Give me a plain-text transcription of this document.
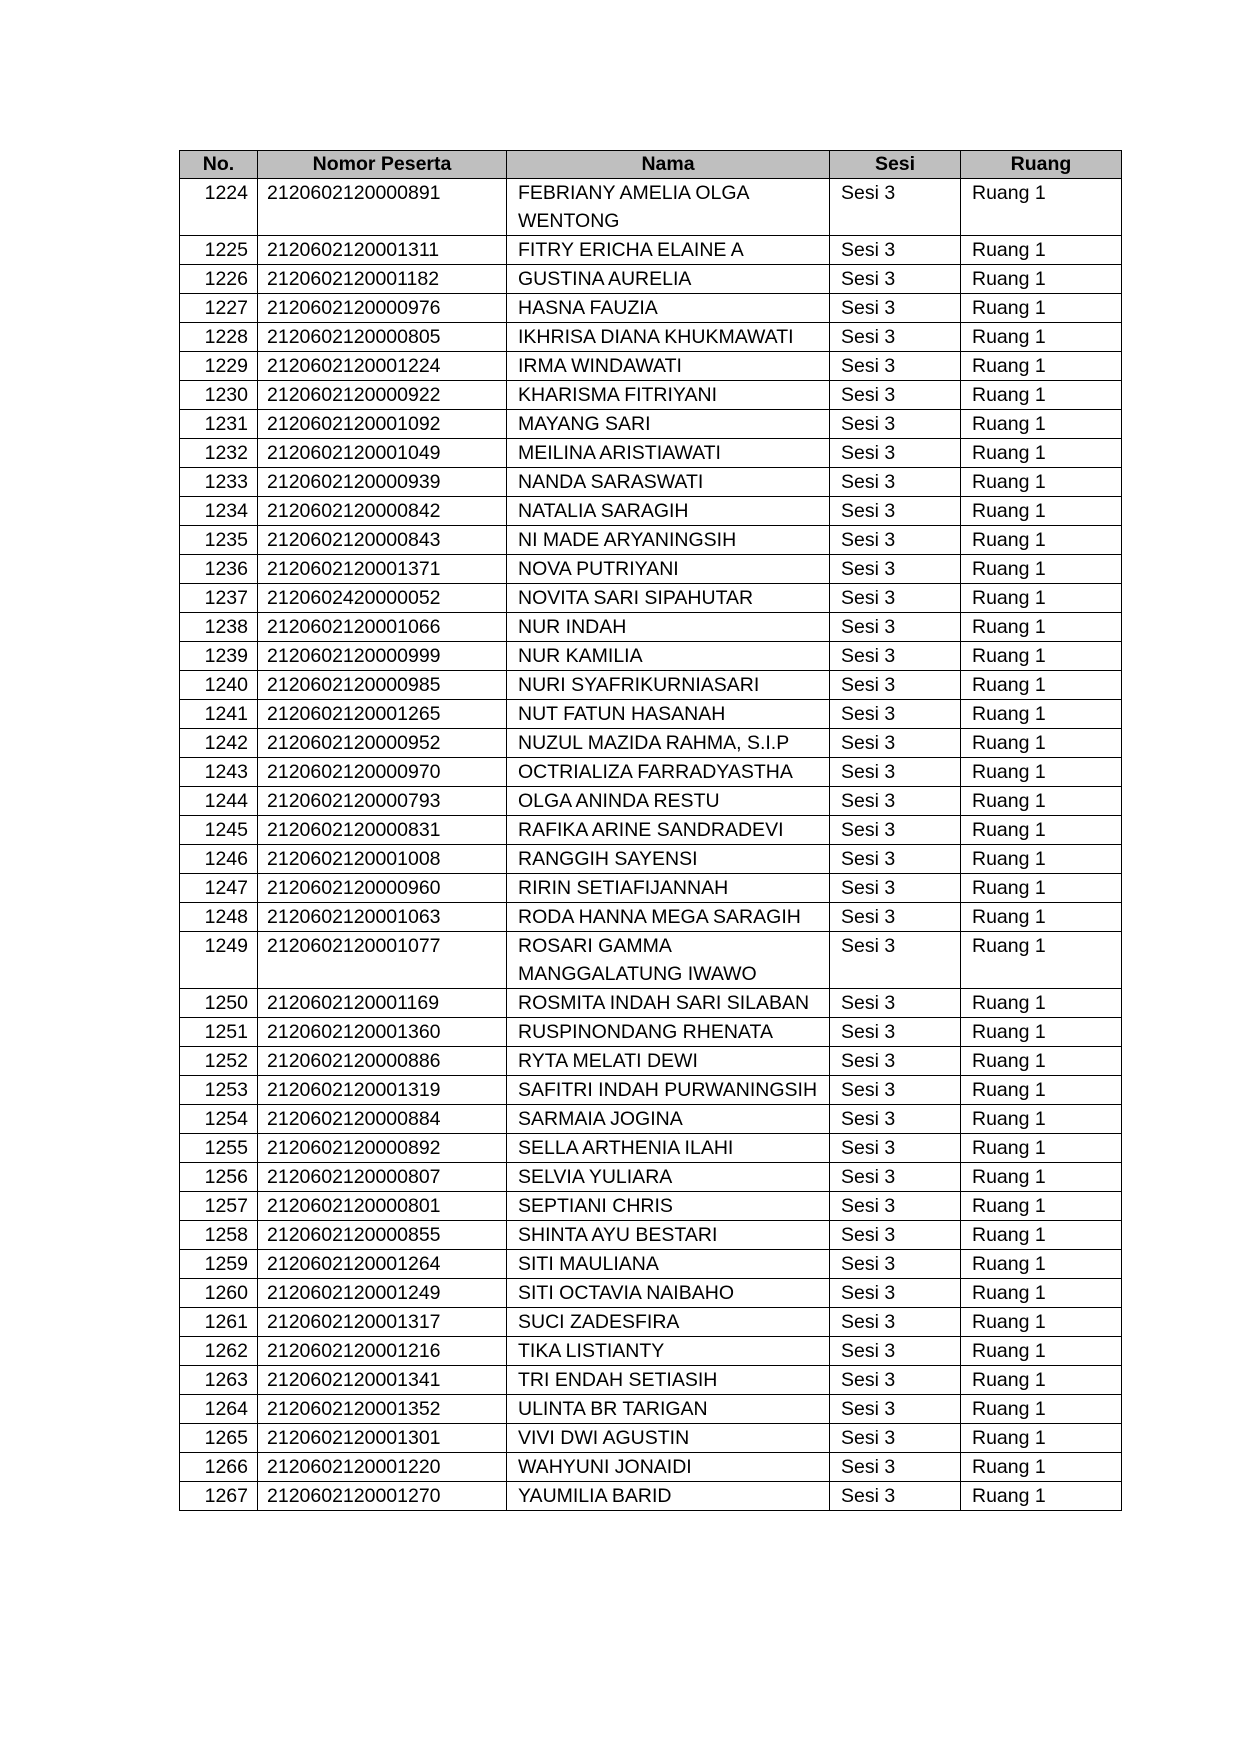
No.	Nomor Peserta	Nama	Sesi	Ruang
1224	2120602120000891	FEBRIANY AMELIA OLGA WENTONG	Sesi 3	Ruang 1
1225	2120602120001311	FITRY ERICHA ELAINE A	Sesi 3	Ruang 1
1226	2120602120001182	GUSTINA AURELIA	Sesi 3	Ruang 1
1227	2120602120000976	HASNA FAUZIA	Sesi 3	Ruang 1
1228	2120602120000805	IKHRISA DIANA KHUKMAWATI	Sesi 3	Ruang 1
1229	2120602120001224	IRMA WINDAWATI	Sesi 3	Ruang 1
1230	2120602120000922	KHARISMA FITRIYANI	Sesi 3	Ruang 1
1231	2120602120001092	MAYANG SARI	Sesi 3	Ruang 1
1232	2120602120001049	MEILINA ARISTIAWATI	Sesi 3	Ruang 1
1233	2120602120000939	NANDA SARASWATI	Sesi 3	Ruang 1
1234	2120602120000842	NATALIA SARAGIH	Sesi 3	Ruang 1
1235	2120602120000843	NI MADE ARYANINGSIH	Sesi 3	Ruang 1
1236	2120602120001371	NOVA PUTRIYANI	Sesi 3	Ruang 1
1237	2120602420000052	NOVITA SARI SIPAHUTAR	Sesi 3	Ruang 1
1238	2120602120001066	NUR INDAH	Sesi 3	Ruang 1
1239	2120602120000999	NUR KAMILIA	Sesi 3	Ruang 1
1240	2120602120000985	NURI SYAFRIKURNIASARI	Sesi 3	Ruang 1
1241	2120602120001265	NUT FATUN HASANAH	Sesi 3	Ruang 1
1242	2120602120000952	NUZUL MAZIDA RAHMA, S.I.P	Sesi 3	Ruang 1
1243	2120602120000970	OCTRIALIZA FARRADYASTHA	Sesi 3	Ruang 1
1244	2120602120000793	OLGA ANINDA RESTU	Sesi 3	Ruang 1
1245	2120602120000831	RAFIKA ARINE SANDRADEVI	Sesi 3	Ruang 1
1246	2120602120001008	RANGGIH SAYENSI	Sesi 3	Ruang 1
1247	2120602120000960	RIRIN SETIAFIJANNAH	Sesi 3	Ruang 1
1248	2120602120001063	RODA HANNA MEGA SARAGIH	Sesi 3	Ruang 1
1249	2120602120001077	ROSARI GAMMA MANGGALATUNG IWAWO	Sesi 3	Ruang 1
1250	2120602120001169	ROSMITA INDAH SARI SILABAN	Sesi 3	Ruang 1
1251	2120602120001360	RUSPINONDANG RHENATA	Sesi 3	Ruang 1
1252	2120602120000886	RYTA MELATI DEWI	Sesi 3	Ruang 1
1253	2120602120001319	SAFITRI INDAH PURWANINGSIH	Sesi 3	Ruang 1
1254	2120602120000884	SARMAIA JOGINA	Sesi 3	Ruang 1
1255	2120602120000892	SELLA ARTHENIA ILAHI	Sesi 3	Ruang 1
1256	2120602120000807	SELVIA YULIARA	Sesi 3	Ruang 1
1257	2120602120000801	SEPTIANI CHRIS	Sesi 3	Ruang 1
1258	2120602120000855	SHINTA AYU BESTARI	Sesi 3	Ruang 1
1259	2120602120001264	SITI MAULIANA	Sesi 3	Ruang 1
1260	2120602120001249	SITI OCTAVIA NAIBAHO	Sesi 3	Ruang 1
1261	2120602120001317	SUCI ZADESFIRA	Sesi 3	Ruang 1
1262	2120602120001216	TIKA LISTIANTY	Sesi 3	Ruang 1
1263	2120602120001341	TRI ENDAH SETIASIH	Sesi 3	Ruang 1
1264	2120602120001352	ULINTA BR TARIGAN	Sesi 3	Ruang 1
1265	2120602120001301	VIVI DWI AGUSTIN	Sesi 3	Ruang 1
1266	2120602120001220	WAHYUNI JONAIDI	Sesi 3	Ruang 1
1267	2120602120001270	YAUMILIA BARID	Sesi 3	Ruang 1
